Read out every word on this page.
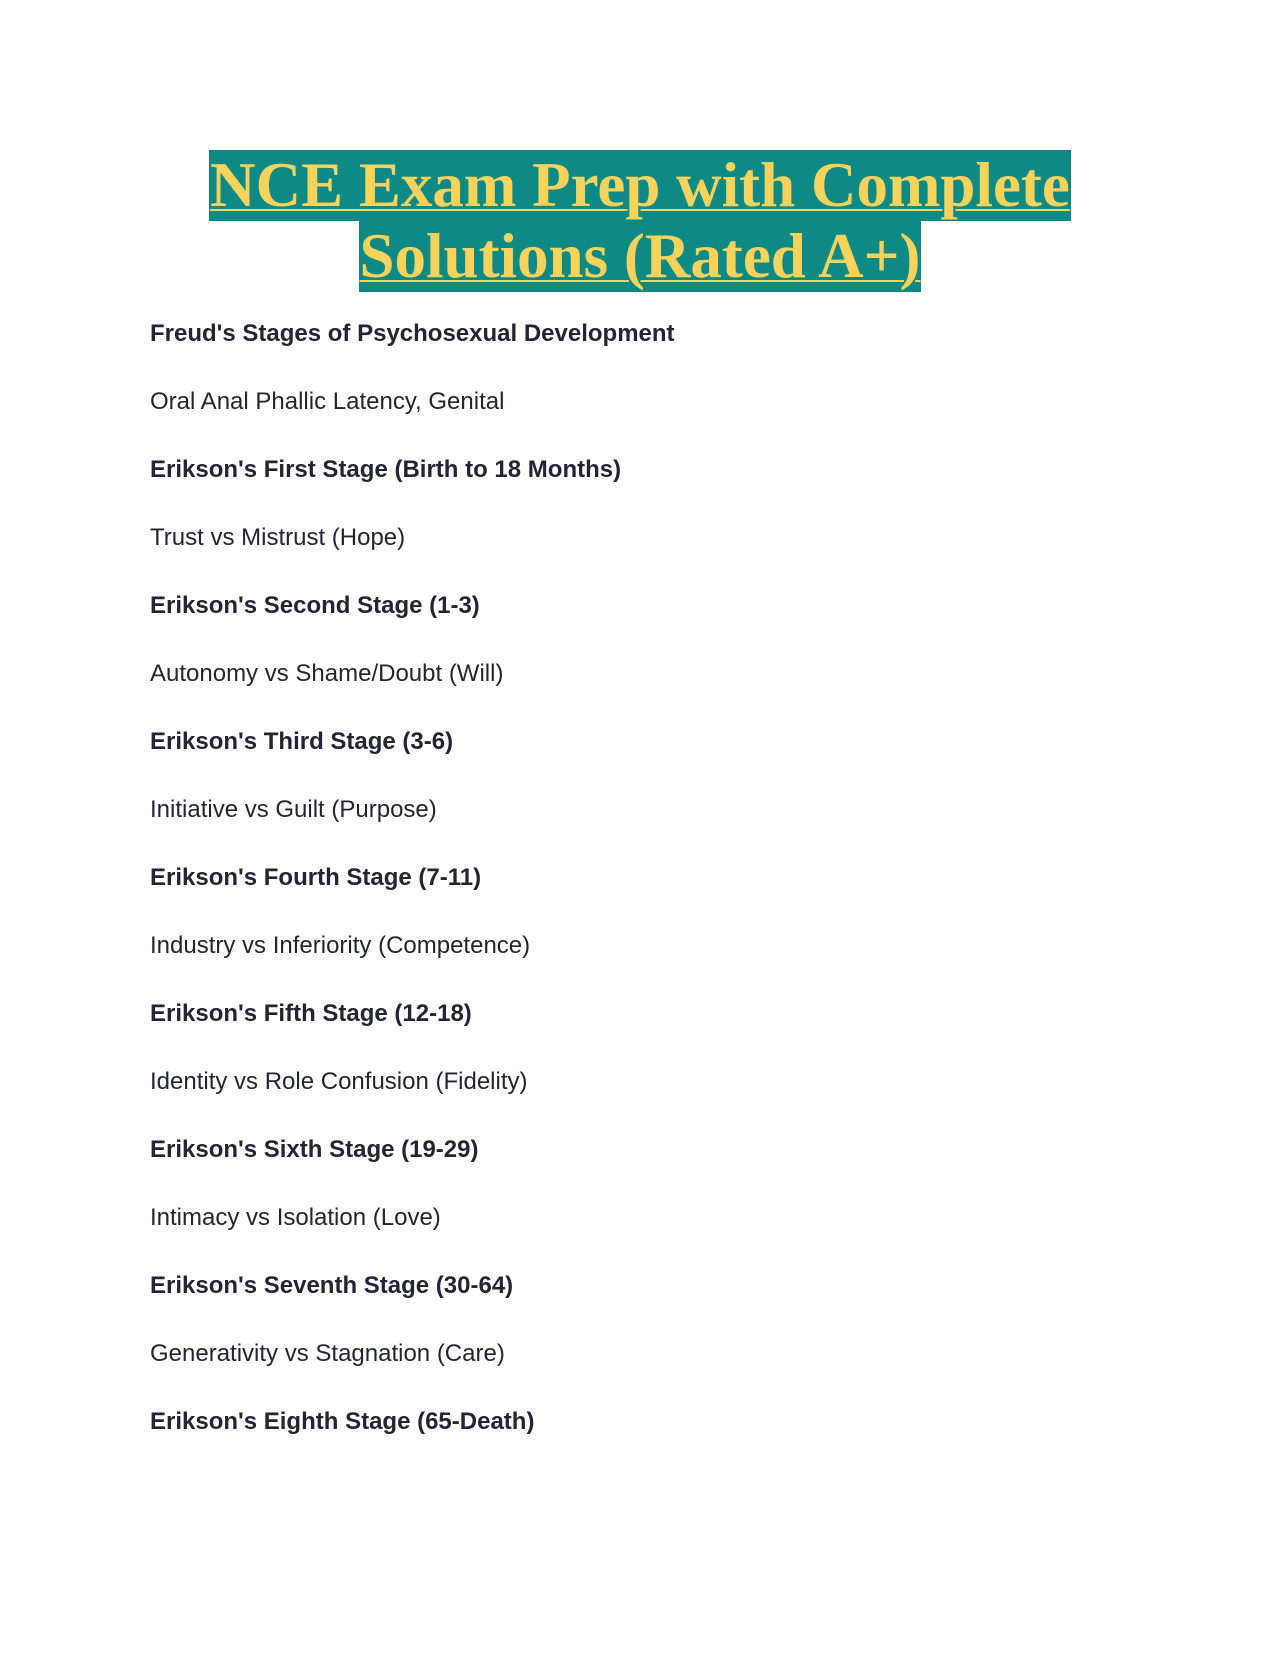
NCE Exam Prep with Complete
Solutions (Rated A+)

Freud's Stages of Psychosexual Development

Oral Anal Phallic Latency, Genital

Erikson's First Stage (Birth to 18 Months)

Trust vs Mistrust (Hope)

Erikson's Second Stage (1-3)

Autonomy vs Shame/Doubt (Will)

Erikson's Third Stage (3-6)

Initiative vs Guilt (Purpose)

Erikson's Fourth Stage (7-11)

Industry vs Inferiority (Competence)

Erikson's Fifth Stage (12-18)

Identity vs Role Confusion (Fidelity)

Erikson's Sixth Stage (19-29)

Intimacy vs Isolation (Love)

Erikson's Seventh Stage (30-64)

Generativity vs Stagnation (Care)

Erikson's Eighth Stage (65-Death)
